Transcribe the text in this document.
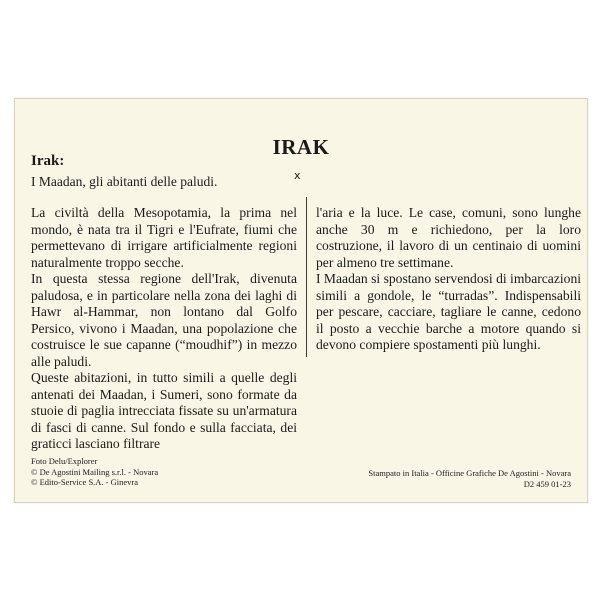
IRAK
Irak:
I Maadan, gli abitanti delle paludi.	x

La civiltà della Mesopotamia, la prima nel mondo, è nata tra il Tigri e l'Eufrate, fiumi che permettevano di irrigare artificialmente regioni naturalmente troppo secche.

In questa stessa regione dell'Irak, divenuta paludosa, e in particolare nella zona dei laghi di Hawr al-Hammar, non lontano dal Golfo Persico, vivono i Maadan, una popolazione che costruisce le sue capanne (“moudhif”) in mezzo alle paludi.

Queste abitazioni, in tutto simili a quelle degli antenati dei Maadan, i Sumeri, sono formate da stuoie di paglia intrecciata fissate su un'armatura di fasci di canne. Sul fondo e sulla facciata, dei graticci lasciano filtrare

l'aria e la luce. Le case, comuni, sono lunghe anche 30 m e richiedono, per la loro costruzione, il lavoro di un centinaio di uomini per almeno tre settimane.

I Maadan si spostano servendosi di imbarcazioni simili a gondole, le “turradas”. Indispensabili per pescare, cacciare, tagliare le canne, cedono il posto a vecchie barche a motore quando si devono compiere spostamenti più lunghi.

Foto Delu/Explorer
© De Agostini Mailing s.r.l. - Novara
© Edito-Service S.A. - Ginevra
Stampato in Italia - Officine Grafiche De Agostini - Novara
D2 459 01-23
